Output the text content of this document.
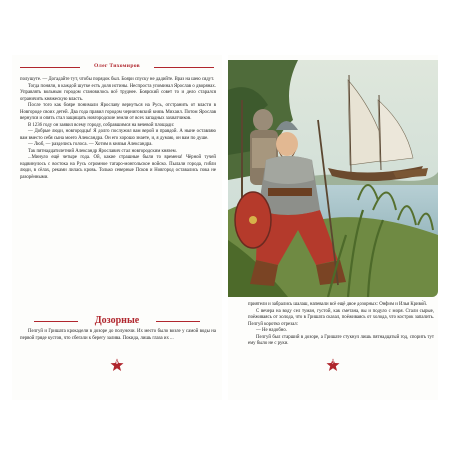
Олег Тихомиров

полушуте. — Догадайте тут, чтобы порядок был. Бояри спуску не дадийте. Враз на шею сядут.

Тогда поняли, в каждой шутке есть доля истины. Неспроста упоминал Ярослав о дворянах. Управлять вольным городом становилось всё труднее. Боярский совет то и дело старался ограничить княжескую власть.

После того как бояре понимали Ярославу вернуться на Русь, отстранить от власти в Новгороде своих детей. Два года правил городом черниговский князь Михаил. Потом Ярослав вернулся и опять стал защищать новгородские земли от всех западных захватчиков.

В 1236 году он заявил всему городу, собравшимся на вечевой площади:

— Добрые люди, новгородцы! Я долго послужил вам верой и правдой. А ныне оставляю вам вместо себя сына моего Александра. Он его хорошо знаете, и, я думаю, он вам по душе.

— Люб, — разделись голоса. — Хотим в князья Александра.

Так пятнадцатилетний Александр Ярославич стал новгородским князем.

...Минуло ещё четыре года. Ой, какие страшные были то времена! Чёрной тучей надвинулось с востока на Русь огромное татаро-монгольское войско. Пылали города, гибли люди, в сёлах, реками лилась кровь. Только северные Псков и Новгород оставались пока не разорёнными.

Дозорные

Пелгуй и Гришата крокадели в дозоре до полуночи. Их место было возле у самой воды на первой гряде кустов, что сбегали к берегу залива. Покида, лишь глаза их ...

6

приятели и забрались шалаш, напевали всё ещё двое дозорных: Онфим и Илья Криво́й.

С вечера на воду сел туман, густой, как сметана, вы и подуло с моря. Стали сырые, поёживаясь от холода, что в Гришата сказал, поёживаясь от холода, что кострок запалить. Пелгуй коротко отрезал:

— Не надобно.

Пелгуй был старший в дозоре, а Гришате стукнул лишь пятнадцатый год, спорить тут ему было не с руки.

7
